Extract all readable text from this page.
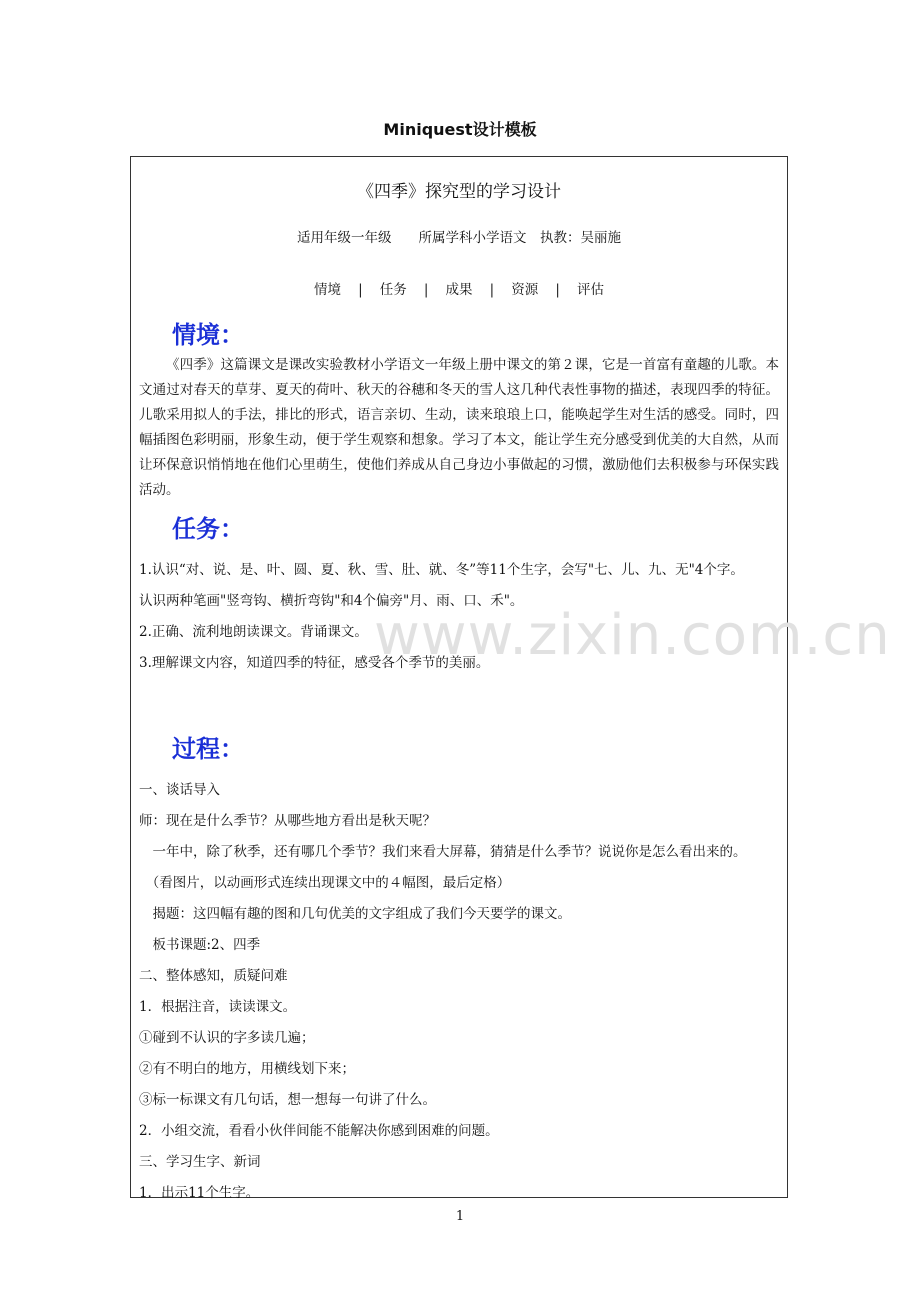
Miniquest设计模板
《四季》探究型的学习设计
适用年级一年级　　所属学科小学语文　执教：吴丽施
情境 | 任务 | 成果 | 资源 | 评估
情境：
《四季》这篇课文是课改实验教材小学语文一年级上册中课文的第２课，它是一首富有童趣的儿歌。本文通过对春天的草芽、夏天的荷叶、秋天的谷穗和冬天的雪人这几种代表性事物的描述，表现四季的特征。儿歌采用拟人的手法，排比的形式，语言亲切、生动，读来琅琅上口，能唤起学生对生活的感受。同时，四幅插图色彩明丽，形象生动，便于学生观察和想象。学习了本文，能让学生充分感受到优美的大自然，从而让环保意识悄悄地在他们心里萌生，使他们养成从自己身边小事做起的习惯，激励他们去积极参与环保实践活动。
任务：
1.认识“对、说、是、叶、圆、夏、秋、雪、肚、就、冬”等11个生字，会写"七、儿、九、无"4个字。
认识两种笔画"竖弯钩、横折弯钩"和4个偏旁"月、雨、口、禾"。
2.正确、流利地朗读课文。背诵课文。
3.理解课文内容，知道四季的特征，感受各个季节的美丽。
过程：
一、谈话导入
师：现在是什么季节？从哪些地方看出是秋天呢？
　一年中，除了秋季，还有哪几个季节？我们来看大屏幕，猜猜是什么季节？说说你是怎么看出来的。
　（看图片，以动画形式连续出现课文中的４幅图，最后定格）
　揭题：这四幅有趣的图和几句优美的文字组成了我们今天要学的课文。
　板书课题:2、四季
二、整体感知，质疑问难
1．根据注音，读读课文。
①碰到不认识的字多读几遍；
②有不明白的地方，用横线划下来；
③标一标课文有几句话，想一想每一句讲了什么。
2．小组交流，看看小伙伴间能不能解决你感到困难的问题。
三、学习生字、新词
1．出示11个生字。
www.zixin.com.cn
1
